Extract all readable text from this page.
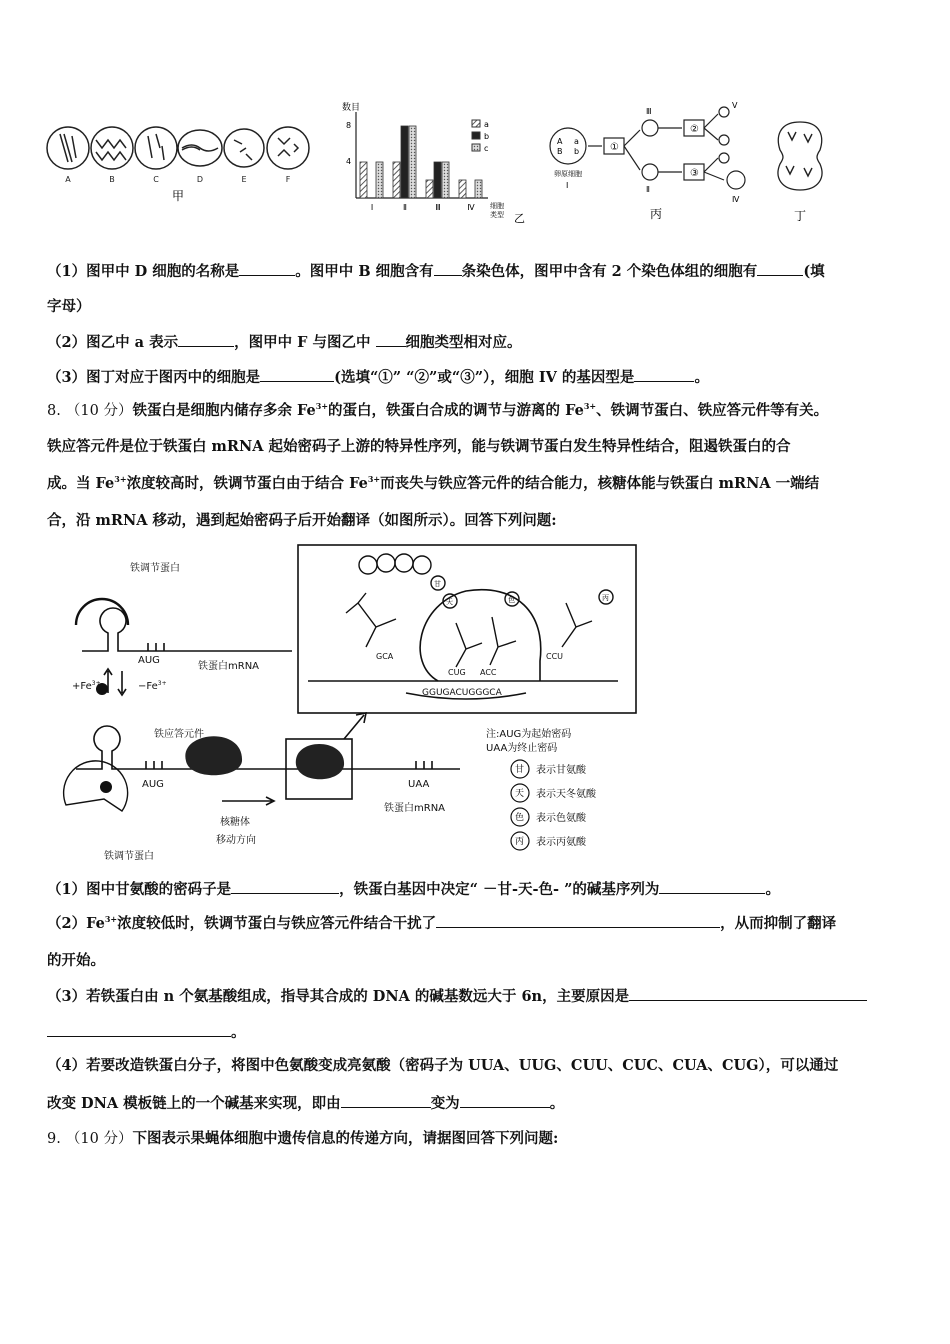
A	B	C	D	E	F
甲
数目
8
4
Ⅰ	Ⅱ	Ⅲ	Ⅳ 细胞
类型
a
b
c
乙
A
B
a
b
卵原细胞
Ⅰ
①
②
③
Ⅲ
Ⅱ
Ⅳ
Ⅴ
丙	丁
（1）图甲中 D 细胞的名称是	。图甲中 B 细胞含有 条染色体，图甲中含有 2 个染色体组的细胞有	(填
字母）
（2）图乙中 a 表示	，图甲中 F 与图乙中 细胞类型相对应。
（3）图丁对应于图丙中的细胞是	(选填“①” “②”或“③”），细胞 IV 的基因型是	。
8. （10 分）铁蛋白是细胞内储存多余 $Fe^{3+}$的蛋白，铁蛋白合成的调节与游离的 $Fe^{3+}$、铁调节蛋白、铁应答元件等有关。
铁应答元件是位于铁蛋白 mRNA 起始密码子上游的特异性序列，能与铁调节蛋白发生特异性结合，阻遏铁蛋白的合
成。当 $Fe^{3+}$浓度较高时，铁调节蛋白由于结合 $Fe^{3+}$而丧失与铁应答元件的结合能力，核糖体能与铁蛋白 mRNA 一端结
合，沿 mRNA 移动，遇到起始密码子后开始翻译（如图所示）。回答下列问题:
甘
天	色	丙
铁调节蛋白
AUG
铁蛋白mRNA
$+Fe^{3+}$	$-Fe^{3+}$
铁应答元件
AUG	UAA
铁蛋白mRNA
核糖体
移动方向
铁调节蛋白
GGUGACUGGGCA
GCA
CUG ACC
CCU
注:AUG为起始密码
UAA为终止密码
甘
天
色
丙
表示甘氨酸
表示天冬氨酸
表示色氨酸
表示丙氨酸
（1）图中甘氨酸的密码子是	，铁蛋白基因中决定“ －甘-天-色- ”的碱基序列为	。
$(2)Fe^{3+}$浓度较低时，铁调节蛋白与铁应答元件结合干扰了	，从而抑制了翻译
的开始。
（3）若铁蛋白由 n 个氨基酸组成，指导其合成的 DNA 的碱基数远大于 6n，主要原因是
。
（4）若要改造铁蛋白分子，将图中色氨酸变成亮氨酸（密码子为 UUA、UUG、CUU、CUC、CUA、CUG），可以通过
改变 DNA 模板链上的一个碱基来实现，即由	变为	。
9. （10 分）下图表示果蝇体细胞中遗传信息的传递方向，请据图回答下列问题:
